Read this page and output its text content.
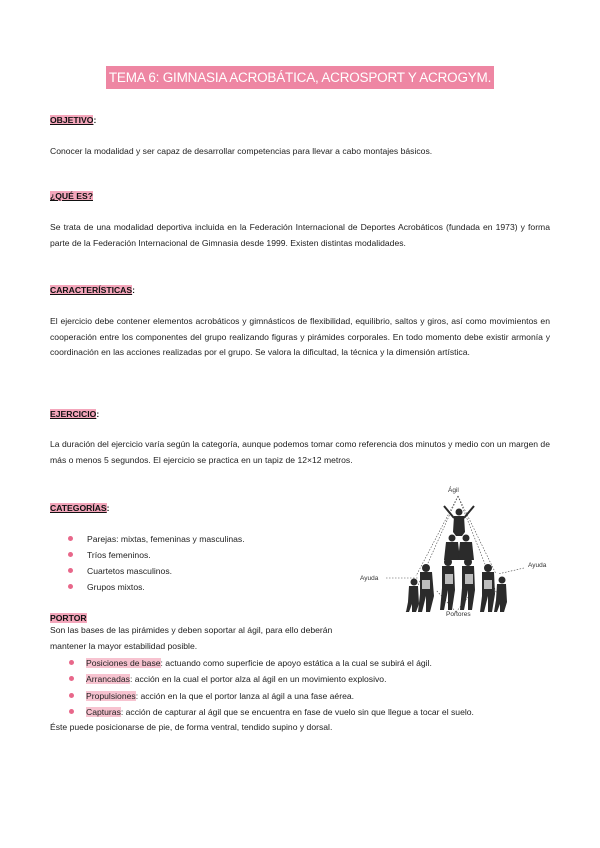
TEMA 6: GIMNASIA ACROBÁTICA, ACROSPORT Y ACROGYM.
OBJETIVO:

Conocer la modalidad y ser capaz de desarrollar competencias para llevar a cabo montajes básicos.

¿QUÉ ES?

Se trata de una modalidad deportiva incluida en la Federación Internacional de Deportes Acrobáticos (fundada en 1973) y forma parte de la Federación Internacional de Gimnasia desde 1999. Existen distintas modalidades.

CARACTERÍSTICAS:

El ejercicio debe contener elementos acrobáticos y gimnásticos de flexibilidad, equilibrio, saltos y giros, así como movimientos en cooperación entre los componentes del grupo realizando figuras y pirámides corporales. En todo momento debe existir armonía y coordinación en las acciones realizadas por el grupo. Se valora la dificultad, la técnica y la dimensión artística.

EJERCICIO:

La duración del ejercicio varía según la categoría, aunque podemos tomar como referencia dos minutos y medio con un margen de más o menos 5 segundos. El ejercicio se practica en un tapiz de 12×12 metros.

CATEGORÍAS:
Parejas: mixtas, femeninas y masculinas.
Tríos femeninos.
Cuartetos masculinos.
Grupos mixtos.
Ágil
Ayuda
Ayuda
Portores
PORTOR

Son las bases de las pirámides y deben soportar al ágil, para ello deberán mantener la mayor estabilidad posible.

Posiciones de base: actuando como superficie de apoyo estática a la cual se subirá el ágil.
Arrancadas: acción en la cual el portor alza al ágil en un movimiento explosivo.
Propulsiones: acción en la que el portor lanza al ágil a una fase aérea.
Capturas: acción de capturar al ágil que se encuentra en fase de vuelo sin que llegue a tocar el suelo.

Éste puede posicionarse de pie, de forma ventral, tendido supino y dorsal.
